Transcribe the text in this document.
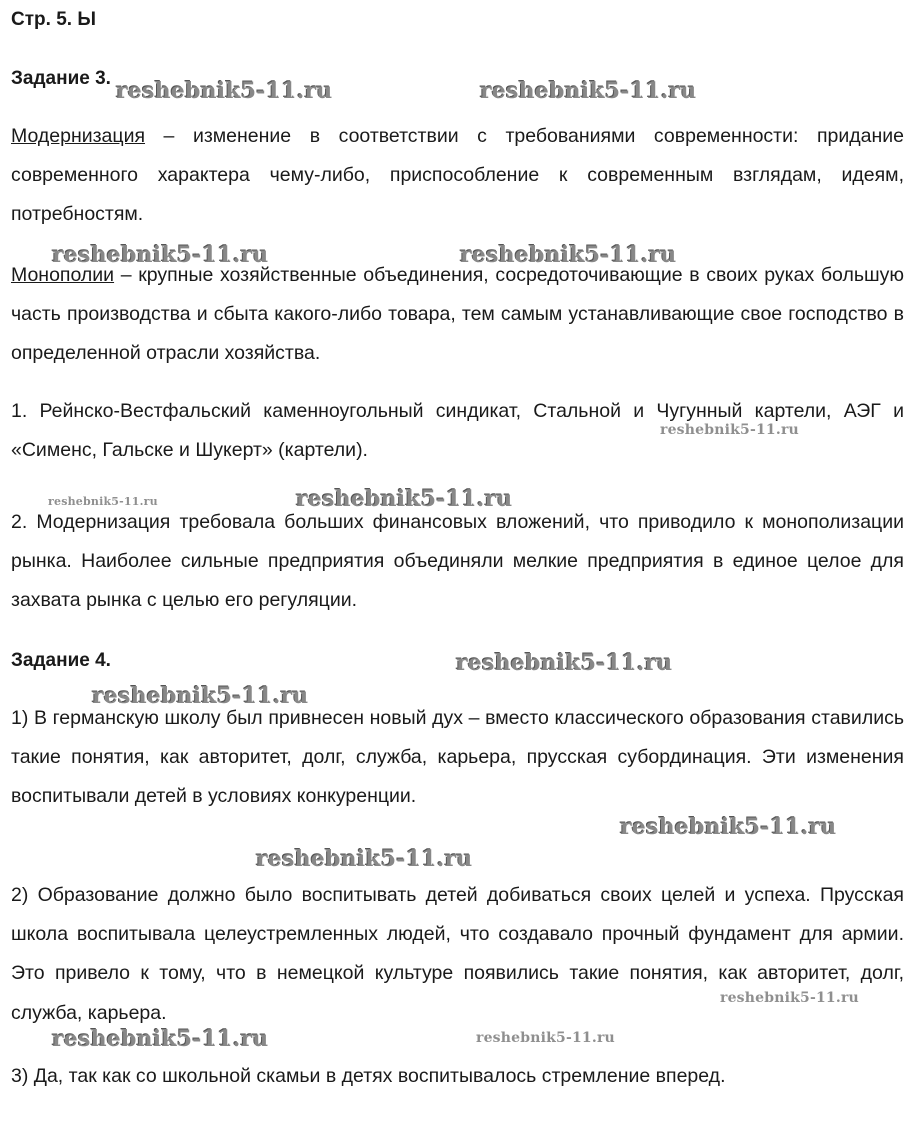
Стр. 5. Ы
Задание 3.

Модернизация – изменение в соответствии с требованиями современности: придание современного характера чему-либо, приспособление к современным взглядам, идеям, потребностям.

Монополии – крупные хозяйственные объединения, сосредоточивающие в своих руках большую часть производства и сбыта какого-либо товара, тем самым устанавливающие свое господство в определенной отрасли хозяйства.

1. Рейнско-Вестфальский каменноугольный синдикат, Стальной и Чугунный картели, АЭГ и «Сименс, Гальске и Шукерт» (картели).

2. Модернизация требовала больших финансовых вложений, что приводило к монополизации рынка. Наиболее сильные предприятия объединяли мелкие предприятия в единое целое для захвата рынка с целью его регуляции.

Задание 4.

1) В германскую школу был привнесен новый дух – вместо классического образования ставились такие понятия, как авторитет, долг, служба, карьера, прусская субординация. Эти изменения воспитывали детей в условиях конкуренции.

2) Образование должно было воспитывать детей добиваться своих целей и успеха. Прусская школа воспитывала целеустремленных людей, что создавало прочный фундамент для армии. Это привело к тому, что в немецкой культуре появились такие понятия, как авторитет, долг, служба, карьера.

3) Да, так как со школьной скамьи в детях воспитывалось стремление вперед.

reshebnik5-11.ru	reshebnik5-11.ru
reshebnik5-11.ru	reshebnik5-11.ru
reshebnik5-11.ru
reshebnik5-11.ru	reshebnik5-11.ru
reshebnik5-11.ru
reshebnik5-11.ru
reshebnik5-11.ru
reshebnik5-11.ru
reshebnik5-11.ru
reshebnik5-11.ru	reshebnik5-11.ru
